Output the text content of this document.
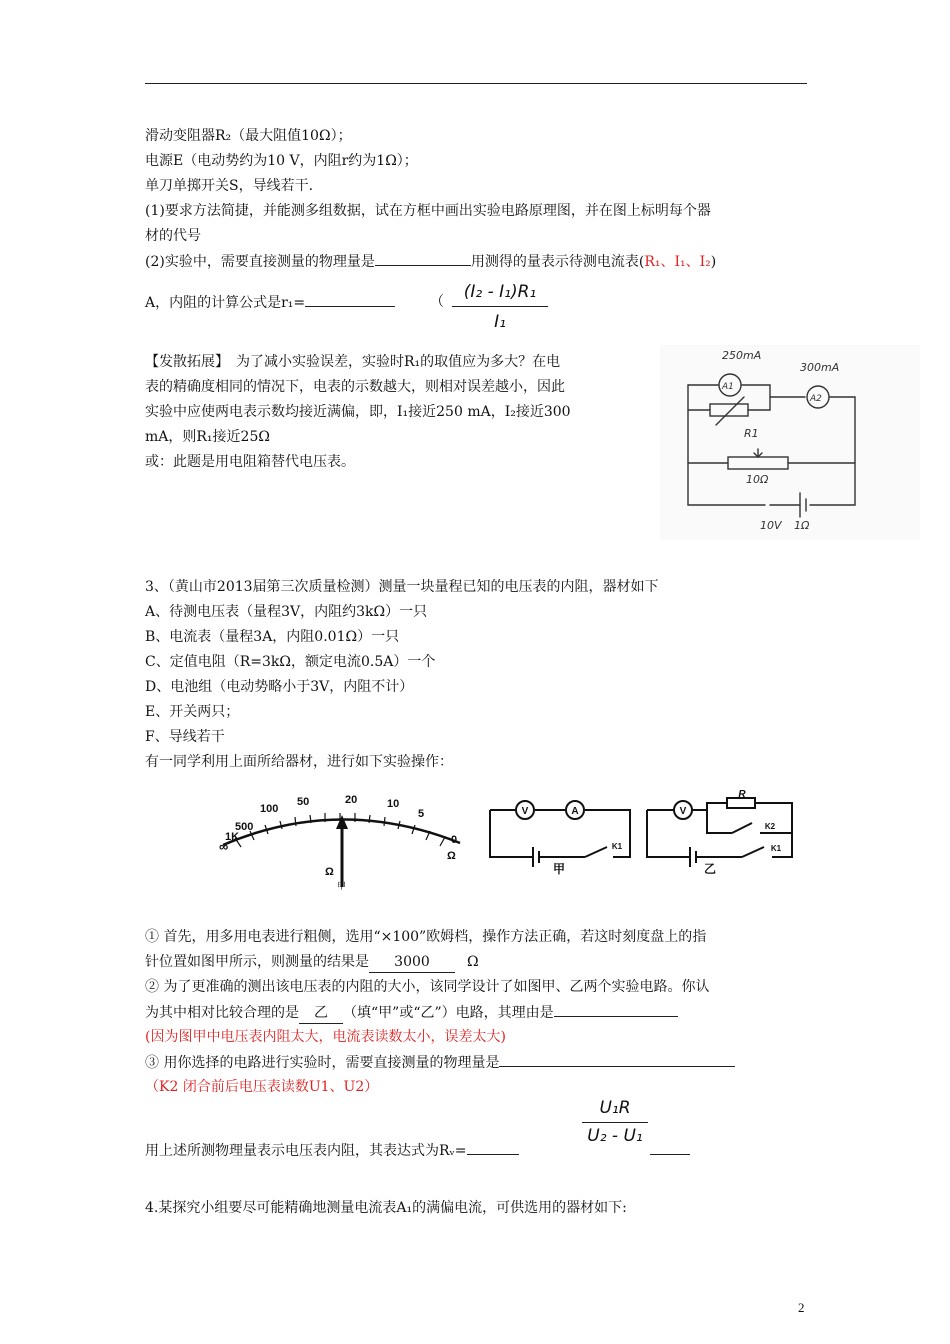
滑动变阻器R₂（最大阻值10Ω）；
电源E（电动势约为10 V，内阻r约为1Ω）；
单刀单掷开关S，导线若干.
(1)要求方法简捷，并能测多组数据，试在方框中画出实验电路原理图，并在图上标明每个器
材的代号
(2)实验中，需要直接测量的物理量是	用测得的量表示待测电流表(R₁、I₁、I₂)
A，内阻的计算公式是r₁=	（	(I₂ - I₁)R₁
I₁
【发散拓展】　为了减小实验误差，实验时R₁的取值应为多大？在电
表的精确度相同的情况下，电表的示数越大，则相对误差越小，因此
实验中应使两电表示数均接近满偏，即，I₁接近250 mA，I₂接近300
mA，则R₁接近25Ω
或：此题是用电阻箱替代电压表。
250mA
300mA
A1
A2
R1
10Ω
10V 1Ω
3、（黄山市2013届第三次质量检测）测量一块量程已知的电压表的内阻，器材如下
A、待测电压表（量程3V，内阻约3kΩ）一只
B、电流表（量程3A，内阻0.01Ω）一只
C、定值电阻（R=3kΩ，额定电流0.5A）一个
D、电池组（电动势略小于3V，内阻不计）
E、开关两只；
F、导线若干
有一同学利用上面所给器材，进行如下实验操作：
500
1K
∞
100
50	20	10
5
0
Ω
Ω
甲
V	A
K1
甲
V
R
K2
K1
乙
① 首先，用多用电表进行粗侧，选用“×100”欧姆档，操作方法正确，若这时刻度盘上的指
针位置如图甲所示，则测量的结果是 3000	Ω
② 为了更准确的测出该电压表的内阻的大小，该同学设计了如图甲、乙两个实验电路。你认
为其中相对比较合理的是 乙 （填“甲”或“乙”）电路，其理由是
(因为图甲中电压表内阻太大，电流表读数太小，误差太大)
③ 用你选择的电路进行实验时，需要直接测量的物理量是
（K2 闭合前后电压表读数U1、U2）
U₁R
U₂ - U₁
用上述所测物理量表示电压表内阻，其表达式为Rᵥ=
4.某探究小组要尽可能精确地测量电流表A₁的满偏电流，可供选用的器材如下:
2
